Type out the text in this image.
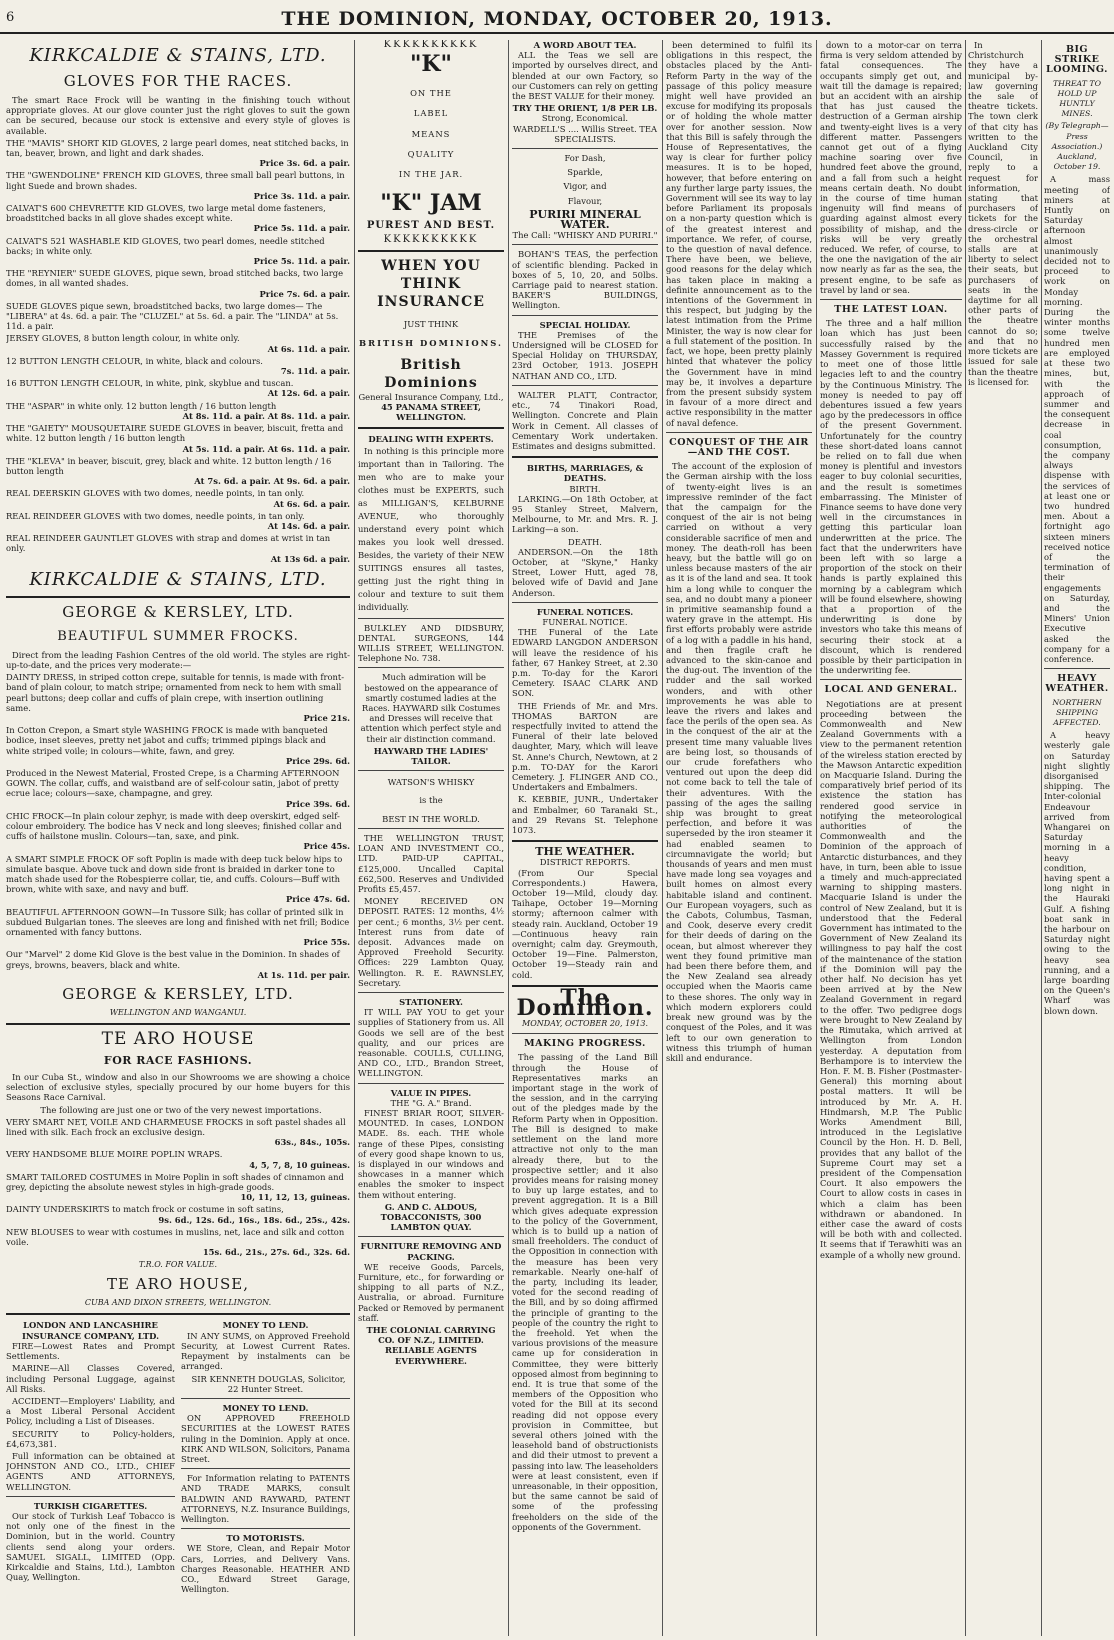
6	THE DOMINION, MONDAY, OCTOBER 20, 1913.
KIRKCALDIE & STAINS, LTD.
GLOVES FOR THE RACES.

The smart Race Frock will be wanting in the finishing touch without appropriate gloves. At our glove counter just the right gloves to suit the gown can be secured, because our stock is extensive and every style of gloves is available.

THE "MAVIS" SHORT KID GLOVES, 2 large pearl domes, neat stitched backs, in tan, beaver, brown, and light and dark shades.
Price 3s. 6d. a pair.
THE "GWENDOLINE" FRENCH KID GLOVES, three small ball pearl buttons, in light Suede and brown shades.
Price 3s. 11d. a pair.
CALVAT'S 600 CHEVRETTE KID GLOVES, two large metal dome fasteners, broadstitched backs in all glove shades except white.
Price 5s. 11d. a pair.
CALVAT'S 521 WASHABLE KID GLOVES, two pearl domes, needle stitched backs; in white only.
Price 5s. 11d. a pair.
THE "REYNIER" SUEDE GLOVES, pique sewn, broad stitched backs, two large domes, in all wanted shades.
Price 7s. 6d. a pair.
SUEDE GLOVES pique sewn, broadstitched backs, two large domes— The "LIBERA" at 4s. 6d. a pair. The "CLUZEL" at 5s. 6d. a pair. The "LINDA" at 5s. 11d. a pair.
JERSEY GLOVES, 8 button length colour, in white only.
At 6s. 11d. a pair.
12 BUTTON LENGTH CELOUR, in white, black and colours.
7s. 11d. a pair.
16 BUTTON LENGTH CELOUR, in white, pink, skyblue and tuscan.
At 12s. 6d. a pair.
THE "ASPAR" in white only. 12 button length / 16 button length
At 8s. 11d. a pair. At 8s. 11d. a pair.
THE "GAIETY" MOUSQUETAIRE SUEDE GLOVES in beaver, biscuit, fretta and white. 12 button length / 16 button length
At 5s. 11d. a pair. At 6s. 11d. a pair.
THE "KLEVA" in beaver, biscuit, grey, black and white. 12 button length / 16 button length
At 7s. 6d. a pair. At 9s. 6d. a pair.
REAL DEERSKIN GLOVES with two domes, needle points, in tan only.
At 6s. 6d. a pair.
REAL REINDEER GLOVES with two domes, needle points, in tan only.
At 14s. 6d. a pair.
REAL REINDEER GAUNTLET GLOVES with strap and domes at wrist in tan only.
At 13s 6d. a pair.
KIRKCALDIE & STAINS, LTD.
GEORGE & KERSLEY, LTD.
BEAUTIFUL SUMMER FROCKS.

Direct from the leading Fashion Centres of the old world. The styles are right-up-to-date, and the prices very moderate:—

DAINTY DRESS, in striped cotton crepe, suitable for tennis, is made with front-band of plain colour, to match stripe; ornamented from neck to hem with small pearl buttons; deep collar and cuffs of plain crepe, with insertion outlining same.
Price 21s.
In Cotton Crepon, a Smart style WASHING FROCK is made with banqueted bodice, inset sleeves, pretty net jabot and cuffs; trimmed pipings black and white striped voile; in colours—white, fawn, and grey.
Price 29s. 6d.
Produced in the Newest Material, Frosted Crepe, is a Charming AFTERNOON GOWN. The collar, cuffs, and waistband are of self-colour satin, jabot of pretty ecrue lace; colours—saxe, champagne, and grey.
Price 39s. 6d.
CHIC FROCK—In plain colour zephyr, is made with deep overskirt, edged self-colour embroidery. The bodice has V neck and long sleeves; finished collar and cuffs of hailstone muslin. Colours—tan, saxe, and pink.
Price 45s.
A SMART SIMPLE FROCK OF soft Poplin is made with deep tuck below hips to simulate basque. Above tuck and down side front is braided in darker tone to match shade used for the Robespierre collar, tie, and cuffs. Colours—Buff with brown, white with saxe, and navy and buff.
Price 47s. 6d.
BEAUTIFUL AFTERNOON GOWN—In Tussore Silk; has collar of printed silk in subdued Bulgarian tones. The sleeves are long and finished with net frill; Bodice ornamented with fancy buttons.
Price 55s.
Our "Marvel" 2 dome Kid Glove is the best value in the Dominion. In shades of greys, browns, beavers, black and white.
At 1s. 11d. per pair.
GEORGE & KERSLEY, LTD.
WELLINGTON AND WANGANUI.
TE ARO HOUSE
FOR RACE FASHIONS.

In our Cuba St., window and also in our Showrooms we are showing a choice selection of exclusive styles, specially procured by our home buyers for this Seasons Race Carnival.

The following are just one or two of the very newest importations.

VERY SMART NET, VOILE AND CHARMEUSE FROCKS in soft pastel shades all lined with silk. Each frock an exclusive design.
63s., 84s., 105s.
VERY HANDSOME BLUE MOIRE POPLIN WRAPS.
4, 5, 7, 8, 10 guineas.
SMART TAILORED COSTUMES in Moire Poplin in soft shades of cinnamon and grey, depicting the absolute newest styles in high-grade goods.
10, 11, 12, 13, guineas.
DAINTY UNDERSKIRTS to match frock or costume in soft satins,
9s. 6d., 12s. 6d., 16s., 18s. 6d., 25s., 42s.
NEW BLOUSES to wear with costumes in muslins, net, lace and silk and cotton voile.
15s. 6d., 21s., 27s. 6d., 32s. 6d.
T.R.O. FOR VALUE.
TE ARO HOUSE,
CUBA AND DIXON STREETS, WELLINGTON.
LONDON AND LANCASHIRE INSURANCE COMPANY, LTD.

FIRE—Lowest Rates and Prompt Settlements.

MARINE—All Classes Covered, including Personal Luggage, against All Risks.

ACCIDENT—Employers' Liability, and a Most Liberal Personal Accident Policy, including a List of Diseases.

SECURITY to Policy-holders, £4,673,381.

Full information can be obtained at JOHNSTON AND CO., LTD., CHIEF AGENTS AND ATTORNEYS, WELLINGTON.

TURKISH CIGARETTES.

Our stock of Turkish Leaf Tobacco is not only one of the finest in the Dominion, but in the world. Country clients send along your orders. SAMUEL SIGALL, LIMITED (Opp. Kirkcaldie and Stains, Ltd.), Lambton Quay, Wellington.

MONEY TO LEND.

IN ANY SUMS, on Approved Freehold Security, at Lowest Current Rates. Repayment by instalments can be arranged.

SIR KENNETH DOUGLAS, Solicitor, 22 Hunter Street.

MONEY TO LEND.

ON APPROVED FREEHOLD SECURITIES at the LOWEST RATES ruling in the Dominion. Apply at once. KIRK AND WILSON, Solicitors, Panama Street.

For Information relating to PATENTS AND TRADE MARKS, consult BALDWIN AND RAYWARD, PATENT ATTORNEYS, N.Z. Insurance Buildings, Wellington.

TO MOTORISTS.

WE Store, Clean, and Repair Motor Cars, Lorries, and Delivery Vans. Charges Reasonable. HEATHER AND CO., Edward Street Garage, Wellington.

KKKKKKKKKK
"K"
ON THE
LABEL
MEANS
QUALITY
IN THE JAR.
"K" JAM
PUREST AND BEST.
KKKKKKKKKK
WHEN YOU THINK INSURANCE
JUST THINK
BRITISH DOMINIONS.
British Dominions
General Insurance Company, Ltd.,
45 PANAMA STREET, WELLINGTON.
DEALING WITH EXPERTS.

In nothing is this principle more important than in Tailoring. The men who are to make your clothes must be EXPERTS, such as MILLIGAN'S, KELBURNE AVENUE, who thoroughly understand every point which makes you look well dressed. Besides, the variety of their NEW SUITINGS ensures all tastes, getting just the right thing in colour and texture to suit them individually.

BULKLEY AND DIDSBURY, DENTAL SURGEONS, 144 WILLIS STREET, WELLINGTON. Telephone No. 738.

Much admiration will be bestowed on the appearance of smartly costumed ladies at the Races. HAYWARD silk Costumes and Dresses will receive that attention which perfect style and their air distinction command.

HAYWARD THE LADIES' TAILOR.
WATSON'S WHISKY
is the
BEST IN THE WORLD.

THE WELLINGTON TRUST, LOAN AND INVESTMENT CO., LTD. PAID-UP CAPITAL, £125,000. Uncalled Capital £62,500. Reserves and Undivided Profits £5,457.

MONEY RECEIVED ON DEPOSIT. RATES: 12 months, 4½ per cent.; 6 months, 3½ per cent. Interest runs from date of deposit. Advances made on Approved Freehold Security. Offices: 229 Lambton Quay, Wellington. R. E. RAWNSLEY, Secretary.

STATIONERY.

IT WILL PAY YOU to get your supplies of Stationery from us. All Goods we sell are of the best quality, and our prices are reasonable. COULLS, CULLING, AND CO., LTD., Brandon Street, WELLINGTON.

VALUE IN PIPES.
THE "G. A." Brand.

FINEST BRIAR ROOT, SILVER-MOUNTED. In cases, LONDON MADE. 8s. each. THE whole range of these Pipes, consisting of every good shape known to us, is displayed in our windows and showcases in a manner which enables the smoker to inspect them without entering.

G. AND C. ALDOUS, TOBACCONISTS, 300 LAMBTON QUAY.
FURNITURE REMOVING AND PACKING.

WE receive Goods, Parcels, Furniture, etc., for forwarding or shipping to all parts of N.Z., Australia, or abroad. Furniture Packed or Removed by permanent staff.

THE COLONIAL CARRYING CO. OF N.Z., LIMITED. RELIABLE AGENTS EVERYWHERE.
A WORD ABOUT TEA.

ALL the Teas we sell are imported by ourselves direct, and blended at our own Factory, so our Customers can rely on getting the BEST VALUE for their money.

TRY THE ORIENT, 1/8 PER LB.
Strong, Economical.
WARDELL'S .... Willis Street. TEA SPECIALISTS.
For Dash,
Sparkle,
Vigor, and
Flavour,
PURIRI MINERAL WATER.
The Call: "WHISKY AND PURIRI."

BOHAN'S TEAS, the perfection of scientific blending. Packed in boxes of 5, 10, 20, and 50lbs. Carriage paid to nearest station. BAKER'S BUILDINGS, Wellington.

SPECIAL HOLIDAY.

THE Premises of the Undersigned will be CLOSED for Special Holiday on THURSDAY, 23rd October, 1913. JOSEPH NATHAN AND CO., LTD.

WALTER PLATT, Contractor, etc., 74 Tinakori Road, Wellington. Concrete and Plain Work in Cement. All classes of Cementary Work undertaken. Estimates and designs submitted.

BIRTHS, MARRIAGES, & DEATHS.
BIRTH.

LARKING.—On 18th October, at 95 Stanley Street, Malvern, Melbourne, to Mr. and Mrs. R. J. Larking—a son.

DEATH.

ANDERSON.—On the 18th October, at "Skyne," Hanky Street, Lower Hutt, aged 78, beloved wife of David and Jane Anderson.

FUNERAL NOTICES.
FUNERAL NOTICE.

THE Funeral of the Late EDWARD LANGDON ANDERSON will leave the residence of his father, 67 Hankey Street, at 2.30 p.m. To-day for the Karori Cemetery. ISAAC CLARK AND SON.

THE Friends of Mr. and Mrs. THOMAS BARTON are respectfully invited to attend the Funeral of their late beloved daughter, Mary, which will leave St. Anne's Church, Newtown, at 2 p.m. TO-DAY for the Karori Cemetery. J. FLINGER AND CO., Undertakers and Embalmers.

K. KEBBIE, JUNR., Undertaker and Embalmer, 60 Taranaki St., and 29 Revans St. Telephone 1073.

THE WEATHER.
DISTRICT REPORTS.

(From Our Special Correspondents.) Hawera, October 19—Mild, cloudy day. Taihape, October 19—Morning stormy; afternoon calmer with steady rain. Auckland, October 19—Continuous heavy rain overnight; calm day. Greymouth, October 19—Fine. Palmerston, October 19—Steady rain and cold.

The Dominion.
MONDAY, OCTOBER 20, 1913.
MAKING PROGRESS.

The passing of the Land Bill through the House of Representatives marks an important stage in the work of the session, and in the carrying out of the pledges made by the Reform Party when in Opposition. The Bill is designed to make settlement on the land more attractive not only to the man already there, but to the prospective settler; and it also provides means for raising money to buy up large estates, and to prevent aggregation. It is a Bill which gives adequate expression to the policy of the Government, which is to build up a nation of small freeholders. The conduct of the Opposition in connection with the measure has been very remarkable. Nearly one-half of the party, including its leader, voted for the second reading of the Bill, and by so doing affirmed the principle of granting to the people of the country the right to the freehold. Yet when the various provisions of the measure came up for consideration in Committee, they were bitterly opposed almost from beginning to end. It is true that some of the members of the Opposition who voted for the Bill at its second reading did not oppose every provision in Committee, but several others joined with the leasehold band of obstructionists and did their utmost to prevent a passing into law. The leaseholders were at least consistent, even if unreasonable, in their opposition, but the same cannot be said of some of the professing freeholders on the side of the opponents of the Government.

been determined to fulfil its obligations in this respect, the obstacles placed by the Anti-Reform Party in the way of the passage of this policy measure might well have provided an excuse for modifying its proposals or of holding the whole matter over for another session. Now that this Bill is safely through the House of Representatives, the way is clear for further policy measures. It is to be hoped, however, that before entering on any further large party issues, the Government will see its way to lay before Parliament its proposals on a non-party question which is of the greatest interest and importance. We refer, of course, to the question of naval defence. There have been, we believe, good reasons for the delay which has taken place in making a definite announcement as to the intentions of the Government in this respect, but judging by the latest intimation from the Prime Minister, the way is now clear for a full statement of the position. In fact, we hope, been pretty plainly hinted that whatever the policy the Government have in mind may be, it involves a departure from the present subsidy system in favour of a more direct and active responsibility in the matter of naval defence.

CONQUEST OF THE AIR—AND THE COST.

The account of the explosion of the German airship with the loss of twenty-eight lives is an impressive reminder of the fact that the campaign for the conquest of the air is not being carried on without a very considerable sacrifice of men and money. The death-roll has been heavy, but the battle will go on unless because masters of the air as it is of the land and sea. It took him a long while to conquer the sea, and no doubt many a pioneer in primitive seamanship found a watery grave in the attempt. His first efforts probably were astride of a log with a paddle in his hand, and then fragile craft he advanced to the skin-canoe and the dug-out. The invention of the rudder and the sail worked wonders, and with other improvements he was able to leave the rivers and lakes and face the perils of the open sea. As in the conquest of the air at the present time many valuable lives are being lost, so thousands of our crude forefathers who ventured out upon the deep did not come back to tell the tale of their adventures. With the passing of the ages the sailing ship was brought to great perfection, and before it was superseded by the iron steamer it had enabled seamen to circumnavigate the world; but thousands of years and men must have made long sea voyages and built homes on almost every habitable island and continent. Our European voyagers, such as the Cabots, Columbus, Tasman, and Cook, deserve every credit for their deeds of daring on the ocean, but almost wherever they went they found primitive man had been there before them, and the New Zealand sea already occupied when the Maoris came to these shores. The only way in which modern explorers could break new ground was by the conquest of the Poles, and it was left to our own generation to witness this triumph of human skill and endurance.

down to a motor-car on terra firma is very seldom attended by fatal consequences. The occupants simply get out, and wait till the damage is repaired; but an accident with an airship that has just caused the destruction of a German airship and twenty-eight lives is a very different matter. Passengers cannot get out of a flying machine soaring over five hundred feet above the ground, and a fall from such a height means certain death. No doubt in the course of time human ingenuity will find means of guarding against almost every possibility of mishap, and the risks will be very greatly reduced. We refer, of course, to the one the navigation of the air now nearly as far as the sea, the present engine, to be safe as travel by land or sea.

THE LATEST LOAN.

The three and a half million loan which has just been successfully raised by the Massey Government is required to meet one of those little legacies left to and the country by the Continuous Ministry. The money is needed to pay off debentures issued a few years ago by the predecessors in office of the present Government. Unfortunately for the country these short-dated loans cannot be relied on to fall due when money is plentiful and investors eager to buy colonial securities, and the result is sometimes embarrassing. The Minister of Finance seems to have done very well in the circumstances in getting this particular loan underwritten at the price. The fact that the underwriters have been left with so large a proportion of the stock on their hands is partly explained this morning by a cablegram which will be found elsewhere, showing that a proportion of the underwriting is done by investors who take this means of securing their stock at a discount, which is rendered possible by their participation in the underwriting fee.

LOCAL AND GENERAL.

Negotiations are at present proceeding between the Commonwealth and New Zealand Governments with a view to the permanent retention of the wireless station erected by the Mawson Antarctic expedition on Macquarie Island. During the comparatively brief period of its existence the station has rendered good service in notifying the meteorological authorities of the Commonwealth and the Dominion of the approach of Antarctic disturbances, and they have, in turn, been able to issue a timely and much-appreciated warning to shipping masters. Macquarie Island is under the control of New Zealand, but it is understood that the Federal Government has intimated to the Government of New Zealand its willingness to pay half the cost of the maintenance of the station if the Dominion will pay the other half. No decision has yet been arrived at by the New Zealand Government in regard to the offer. Two pedigree dogs were brought to New Zealand by the Rimutaka, which arrived at Wellington from London yesterday. A deputation from Berhampore is to interview the Hon. F. M. B. Fisher (Postmaster-General) this morning about postal matters. It will be introduced by Mr. A. H. Hindmarsh, M.P. The Public Works Amendment Bill, introduced in the Legislative Council by the Hon. H. D. Bell, provides that any ballot of the Supreme Court may set a president of the Compensation Court. It also empowers the Court to allow costs in cases in which a claim has been withdrawn or abandoned. In either case the award of costs will be both with and collected. It seems that if Terawhiti was an example of a wholly new ground.

In Christchurch they have a municipal by-law governing the sale of theatre tickets. The town clerk of that city has written to the Auckland City Council, in reply to a request for information, stating that purchasers of tickets for the dress-circle or the orchestral stalls are at liberty to select their seats, but purchasers of seats in the daytime for all other parts of the theatre cannot do so; and that no more tickets are issued for sale than the theatre is licensed for.

BIG STRIKE LOOMING.
THREAT TO HOLD UP HUNTLY MINES.
(By Telegraph—Press Association.) Auckland, October 19.

A mass meeting of miners at Huntly on Saturday afternoon almost unanimously decided not to proceed to work on Monday morning. During the winter months some twelve hundred men are employed at these two mines, but, with the approach of summer and the consequent decrease in coal consumption, the company always dispense with the services of at least one or two hundred men. About a fortnight ago sixteen miners received notice of the termination of their engagements on Saturday, and the Miners' Union Executive asked the company for a conference.

HEAVY WEATHER.
NORTHERN SHIPPING AFFECTED.

A heavy westerly gale on Saturday night slightly disorganised shipping. The Inter-colonial Endeavour arrived from Whangarei on Saturday morning in a heavy condition, having spent a long night in the Hauraki Gulf. A fishing boat sank in the harbour on Saturday night owing to the heavy sea running, and a large boarding on the Queen's Wharf was blown down.
